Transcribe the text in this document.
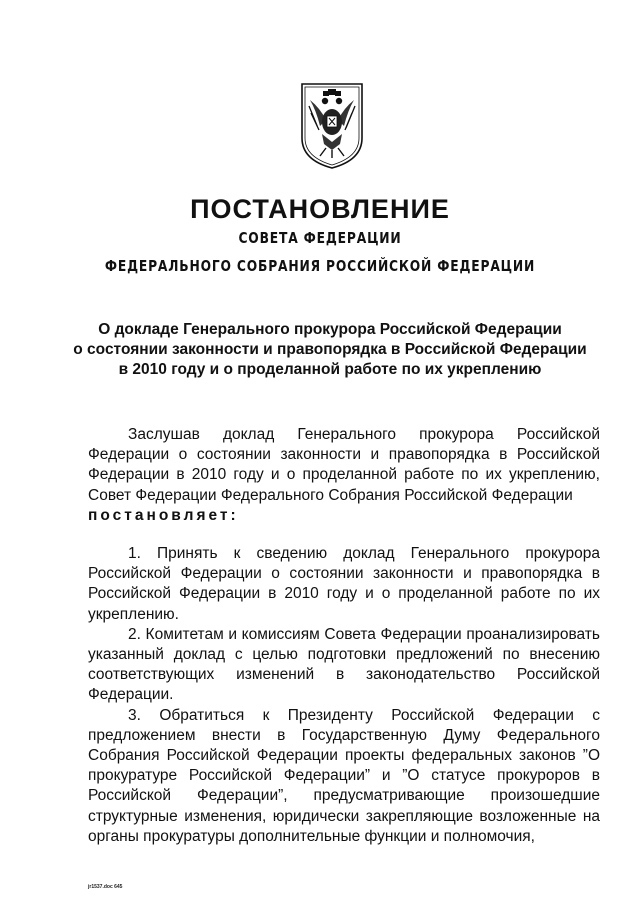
ПОСТАНОВЛЕНИЕ
СОВЕТА ФЕДЕРАЦИИ
ФЕДЕРАЛЬНОГО СОБРАНИЯ РОССИЙСКОЙ ФЕДЕРАЦИИ
О докладе Генерального прокурора Российской Федерации
о состоянии законности и правопорядка в Российской Федерации
в 2010 году и о проделанной работе по их укреплению

Заслушав доклад Генерального прокурора Российской Федерации о состоянии законности и правопорядка в Российской Федерации в 2010 году и о проделанной работе по их укреплению, Совет Федерации Федерального Собрания Российской Федерации
постановляет:

1. Принять к сведению доклад Генерального прокурора Российской Федерации о состоянии законности и правопорядка в Российской Федерации в 2010 году и о проделанной работе по их укреплению.

2. Комитетам и комиссиям Совета Федерации проанализировать указанный доклад с целью подготовки предложений по внесению соответствующих изменений в законодательство Российской Федерации.

3. Обратиться к Президенту Российской Федерации с предложением внести в Государственную Думу Федерального Собрания Российской Федерации проекты федеральных законов ”О прокуратуре Российской Федерации” и ”О статусе прокуроров в Российской Федерации”, предусматривающие произошедшие структурные изменения, юридически закрепляющие возложенные на органы прокуратуры дополнительные функции и полномочия,

jr1537.doc 645
